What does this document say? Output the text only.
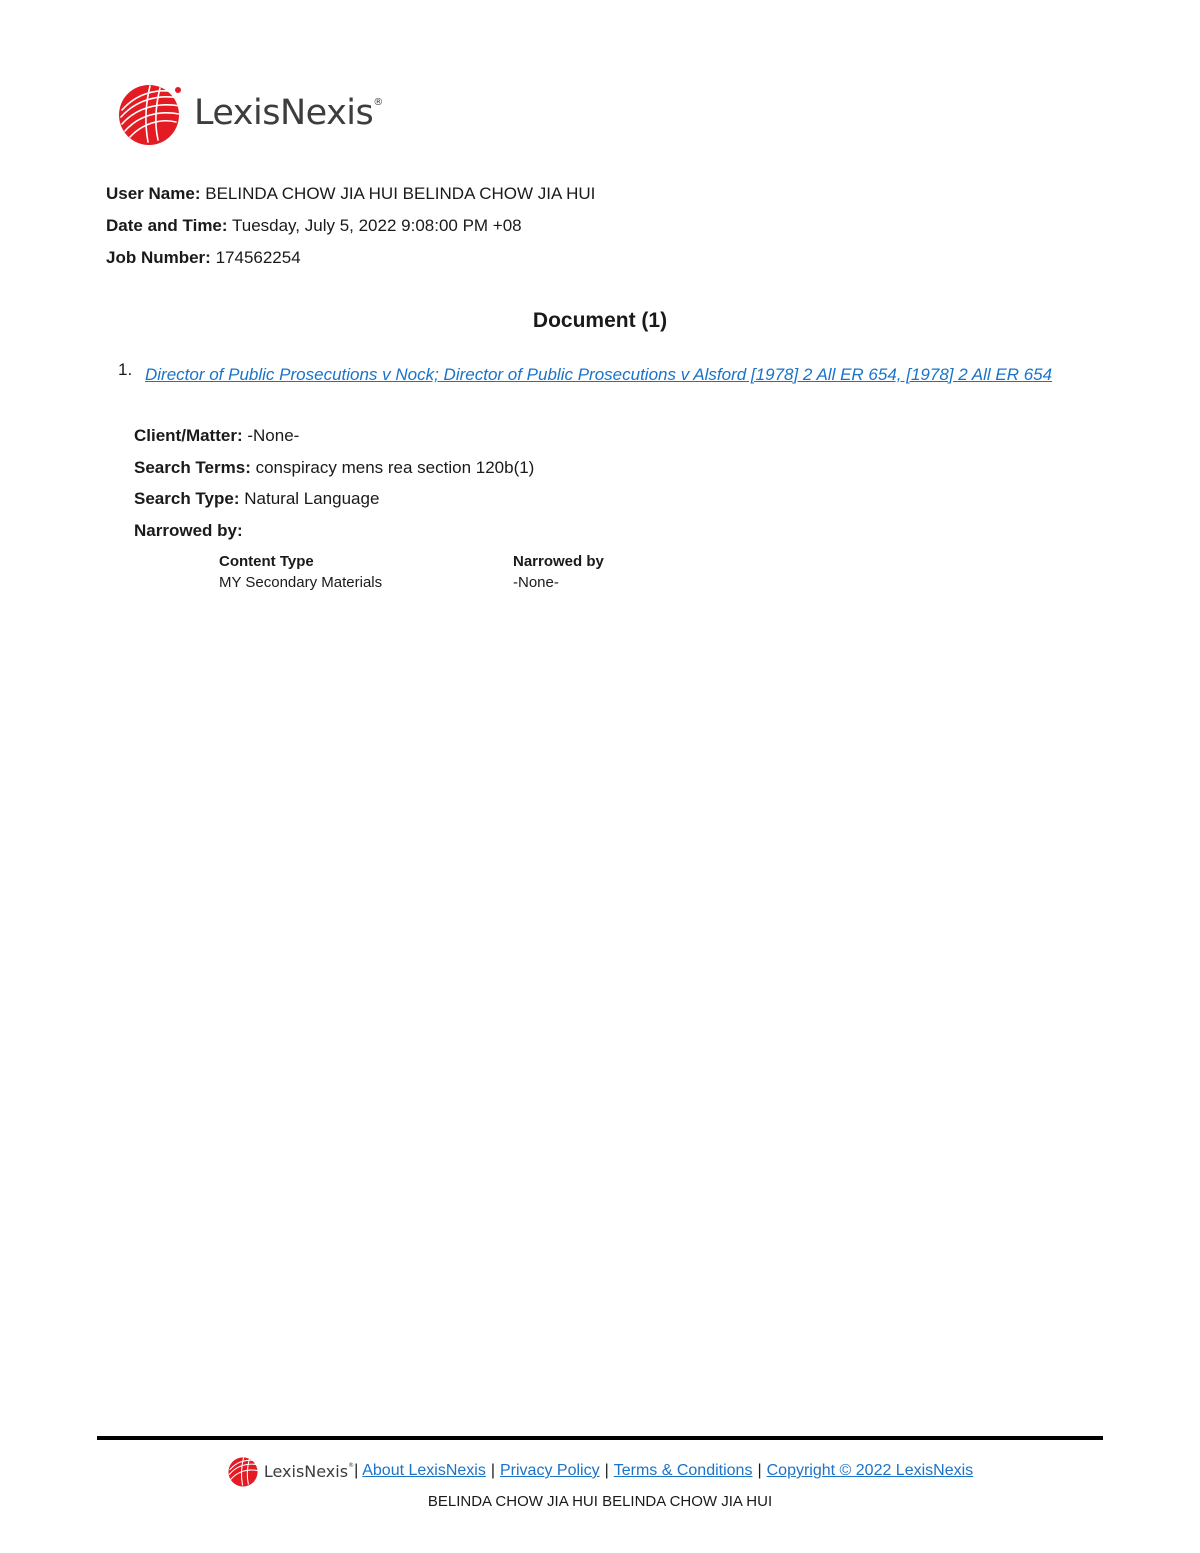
LexisNexis®
User Name: BELINDA CHOW JIA HUI BELINDA CHOW JIA HUI
Date and Time: Tuesday, July 5, 2022 9:08:00 PM +08
Job Number: 174562254
Document (1)
1. Director of Public Prosecutions v Nock; Director of Public Prosecutions v Alsford [1978] 2 All ER 654, [1978] 2 All ER 654
Client/Matter: -None-
Search Terms: conspiracy mens rea section 120b(1)
Search Type: Natural Language
Narrowed by:
Content Type
MY Secondary Materials
Narrowed by
-None-
LexisNexis® | About LexisNexis | Privacy Policy | Terms & Conditions | Copyright © 2022 LexisNexis
BELINDA CHOW JIA HUI BELINDA CHOW JIA HUI
